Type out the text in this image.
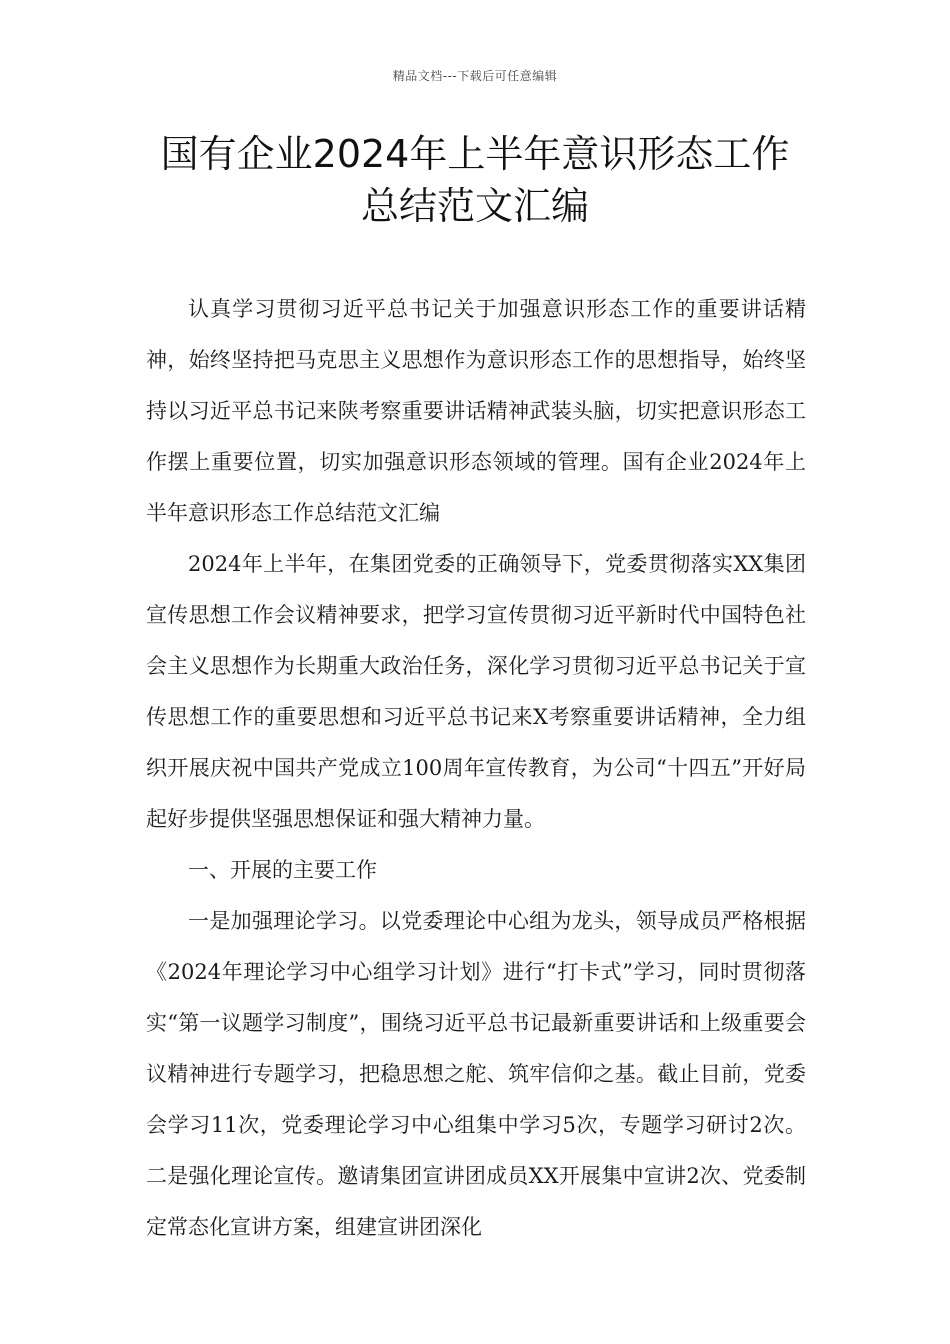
精品文档---下载后可任意编辑
国有企业2024年上半年意识形态工作
总结范文汇编

认真学习贯彻习近平总书记关于加强意识形态工作的重要讲话精神，始终坚持把马克思主义思想作为意识形态工作的思想指导，始终坚持以习近平总书记来陕考察重要讲话精神武装头脑，切实把意识形态工作摆上重要位置，切实加强意识形态领域的管理。国有企业2024年上半年意识形态工作总结范文汇编

2024年上半年，在集团党委的正确领导下，党委贯彻落实XX集团宣传思想工作会议精神要求，把学习宣传贯彻习近平新时代中国特色社会主义思想作为长期重大政治任务，深化学习贯彻习近平总书记关于宣传思想工作的重要思想和习近平总书记来X考察重要讲话精神，全力组织开展庆祝中国共产党成立100周年宣传教育，为公司“十四五”开好局起好步提供坚强思想保证和强大精神力量。

一、开展的主要工作

一是加强理论学习。以党委理论中心组为龙头，领导成员严格根据《2024年理论学习中心组学习计划》进行“打卡式”学习，同时贯彻落实“第一议题学习制度”，围绕习近平总书记最新重要讲话和上级重要会议精神进行专题学习，把稳思想之舵、筑牢信仰之基。截止目前，党委会学习11次，党委理论学习中心组集中学习5次，专题学习研讨2次。二是强化理论宣传。邀请集团宣讲团成员XX开展集中宣讲2次、党委制定常态化宣讲方案，组建宣讲团深化
